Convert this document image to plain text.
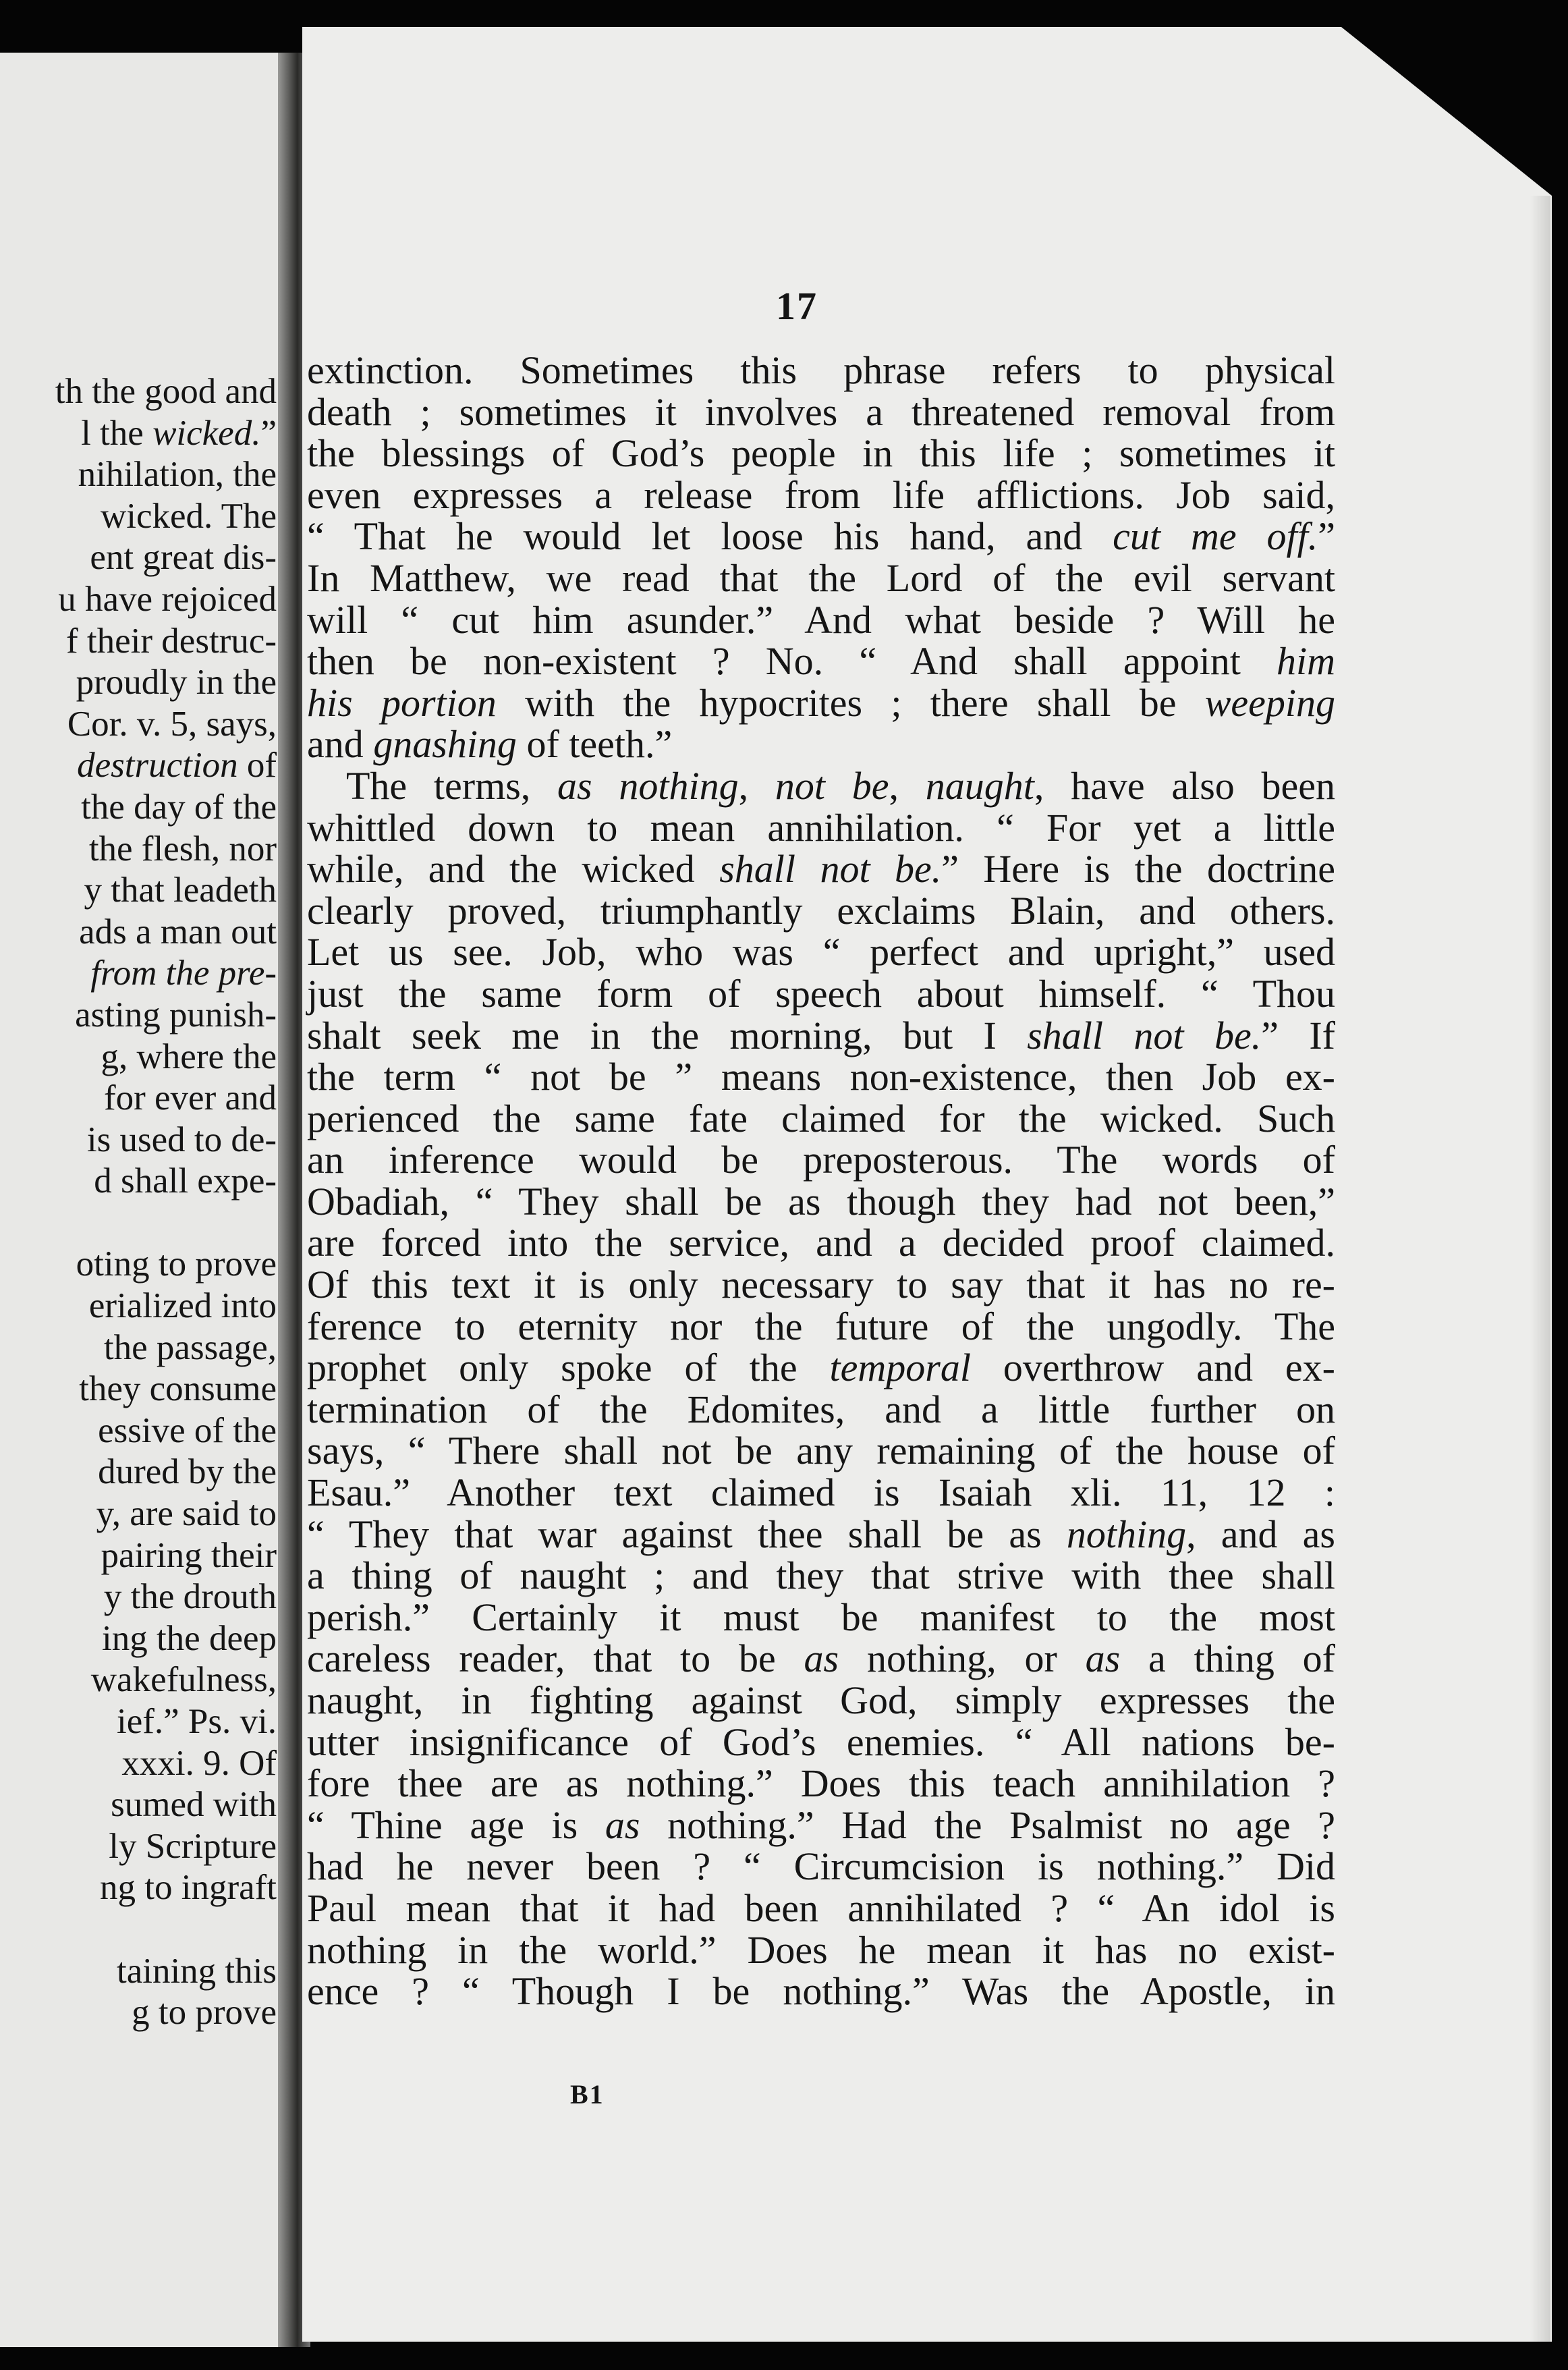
th the good and
l the wicked.”
nihilation, the
wicked. The
ent great dis-
u have rejoiced
f their destruc-
proudly in the
Cor. v. 5, says,
destruction of
the day of the
the flesh, nor
y that leadeth
ads a man out
from the pre-
asting punish-
g, where the
for ever and
is used to de-
d shall expe-

oting to prove
erialized into
the passage,
they consume
essive of the
dured by the
y, are said to
pairing their
y the drouth
ing the deep
wakefulness,
ief.” Ps. vi.
xxxi. 9. Of
sumed with
ly Scripture
ng to ingraft

taining this
g to prove
17
extinction. Sometimes this phrase refers to physical
death ; sometimes it involves a threatened removal from
the blessings of God’s people in this life ; sometimes it
even expresses a release from life afflictions. Job said,
“ That he would let loose his hand, and cut me off.”
In Matthew, we read that the Lord of the evil servant
will “ cut him asunder.” And what beside ? Will he
then be non-existent ? No. “ And shall appoint him
his portion with the hypocrites ; there shall be weeping
and gnashing of teeth.”
The terms, as nothing, not be, naught, have also been
whittled down to mean annihilation. “ For yet a little
while, and the wicked shall not be.” Here is the doctrine
clearly proved, triumphantly exclaims Blain, and others.
Let us see. Job, who was “ perfect and upright,” used
just the same form of speech about himself. “ Thou
shalt seek me in the morning, but I shall not be.” If
the term “ not be ” means non-existence, then Job ex-
perienced the same fate claimed for the wicked. Such
an inference would be preposterous. The words of
Obadiah, “ They shall be as though they had not been,”
are forced into the service, and a decided proof claimed.
Of this text it is only necessary to say that it has no re-
ference to eternity nor the future of the ungodly. The
prophet only spoke of the temporal overthrow and ex-
termination of the Edomites, and a little further on
says, “ There shall not be any remaining of the house of
Esau.” Another text claimed is Isaiah xli. 11, 12 :
“ They that war against thee shall be as nothing, and as
a thing of naught ; and they that strive with thee shall
perish.” Certainly it must be manifest to the most
careless reader, that to be as nothing, or as a thing of
naught, in fighting against God, simply expresses the
utter insignificance of God’s enemies. “ All nations be-
fore thee are as nothing.” Does this teach annihilation ?
“ Thine age is as nothing.” Had the Psalmist no age ?
had he never been ? “ Circumcision is nothing.” Did
Paul mean that it had been annihilated ? “ An idol is
nothing in the world.” Does he mean it has no exist-
ence ? “ Though I be nothing.” Was the Apostle, in
B1
